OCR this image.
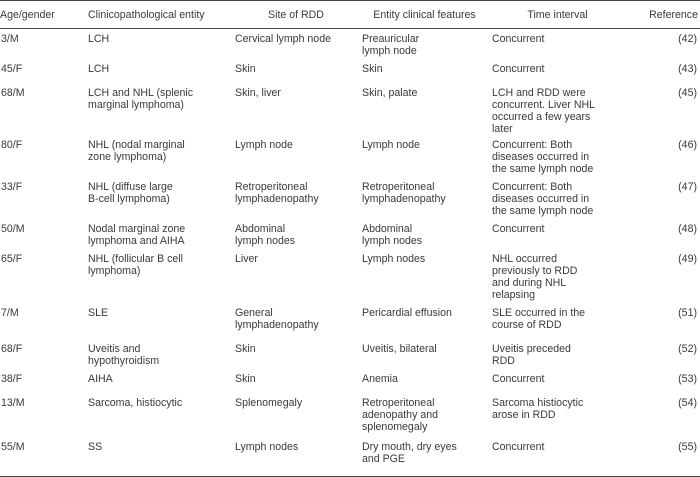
Age/gender	Clinicopathological entity	Site of RDD	Entity clinical features	Time interval	Reference
3/M	LCH	Cervical lymph node	Preauricular
lymph node	Concurrent	(42)
45/F	LCH	Skin	Skin	Concurrent	(43)
68/M	LCH and NHL (splenic
marginal lymphoma)	Skin, liver	Skin, palate	LCH and RDD were
concurrent. Liver NHL
occurred a few years
later	(45)
80/F	NHL (nodal marginal
zone lymphoma)	Lymph node	Lymph node	Concurrent: Both
diseases occurred in
the same lymph node	(46)
33/F	NHL (diffuse large
B-cell lymphoma)	Retroperitoneal
lymphadenopathy	Retroperitoneal
lymphadenopathy	Concurrent: Both
diseases occurred in
the same lymph node	(47)
50/M	Nodal marginal zone
lymphoma and AIHA	Abdominal
lymph nodes	Abdominal
lymph nodes	Concurrent	(48)
65/F	NHL (follicular B cell
lymphoma)	Liver	Lymph nodes	NHL occurred
previously to RDD
and during NHL
relapsing	(49)
7/M	SLE	General
lymphadenopathy	Pericardial effusion	SLE occurred in the
course of RDD	(51)
68/F	Uveitis and
hypothyroidism	Skin	Uveitis, bilateral	Uveitis preceded
RDD	(52)
38/F	AIHA	Skin	Anemia	Concurrent	(53)
13/M	Sarcoma, histiocytic	Splenomegaly	Retroperitoneal
adenopathy and
splenomegaly	Sarcoma histiocytic
arose in RDD	(54)
55/M	SS	Lymph nodes	Dry mouth, dry eyes
and PGE	Concurrent	(55)
